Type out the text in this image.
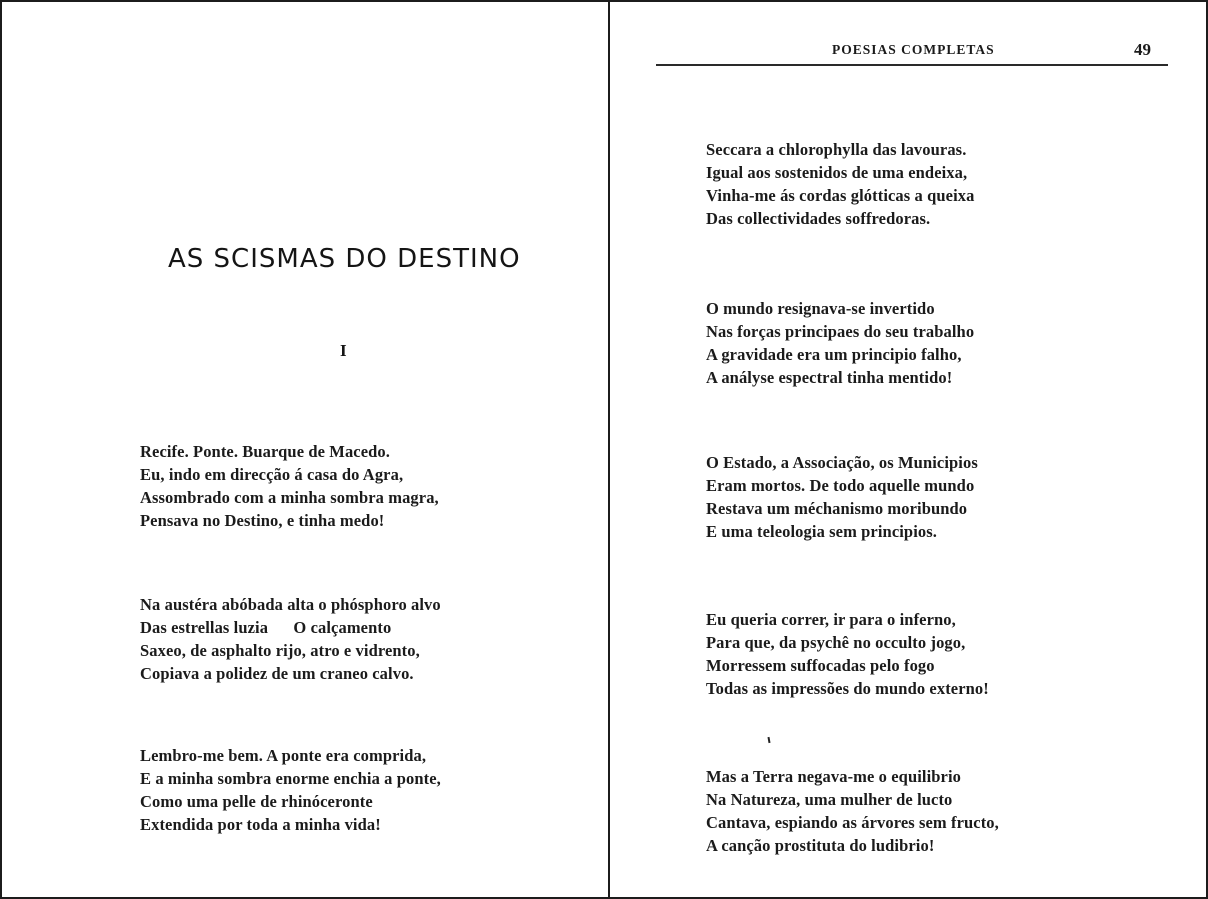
AS SCISMAS DO DESTINO
I
Recife. Ponte. Buarque de Macedo.
Eu, indo em direcção á casa do Agra,
Assombrado com a minha sombra magra,
Pensava no Destino, e tinha medo!
Na austéra abóbada alta o phósphoro alvo
Das estrellas luzia      O calçamento
Saxeo, de asphalto rijo, atro e vidrento,
Copiava a polidez de um craneo calvo.
Lembro-me bem. A ponte era comprida,
E a minha sombra enorme enchia a ponte,
Como uma pelle de rhinóceronte
Extendida por toda a minha vida!
POESIAS COMPLETAS	49
Seccara a chlorophylla das lavouras.
Igual aos sostenidos de uma endeixa,
Vinha-me ás cordas glótticas a queixa
Das collectividades soffredoras.
O mundo resignava-se invertido
Nas forças principaes do seu trabalho
A gravidade era um principio falho,
A anályse espectral tinha mentido!
O Estado, a Associação, os Municipios
Eram mortos. De todo aquelle mundo
Restava um méchanismo moribundo
E uma teleologia sem principios.
Eu queria correr, ir para o inferno,
Para que, da psychê no occulto jogo,
Morressem suffocadas pelo fogo
Todas as impressões do mundo externo!
Mas a Terra negava-me o equilibrio
Na Natureza, uma mulher de lucto
Cantava, espiando as árvores sem fructo,
A canção prostituta do ludibrio!
